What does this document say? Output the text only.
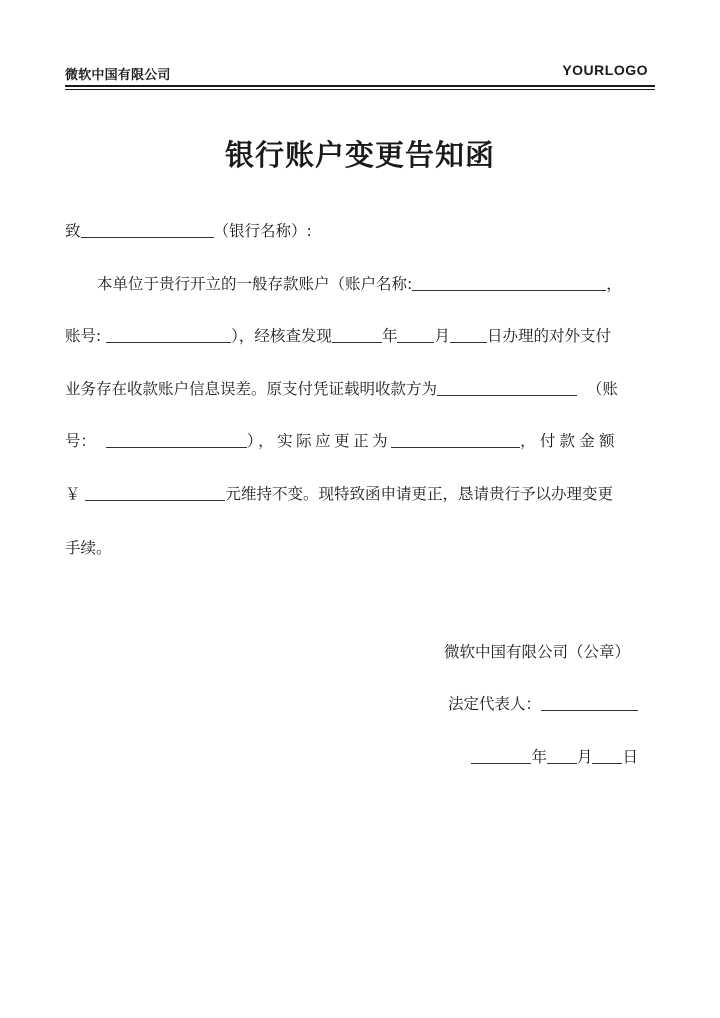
微软中国有限公司	YOURLOGO
银行账户变更告知函
致	（银行名称）:
本单位于贵行开立的一般存款账户（账户名称:	，
账号:	），经核查发现	年 月 日办理的对外支付
业务存在收款账户信息误差。原支付凭证载明收款方为	（账
号：	），实际应更正为	，付款金额
￥	元维持不变。现特致函申请更正，恳请贵行予以办理变更
手续。
微软中国有限公司（公章）
法定代表人：
年 月 日
